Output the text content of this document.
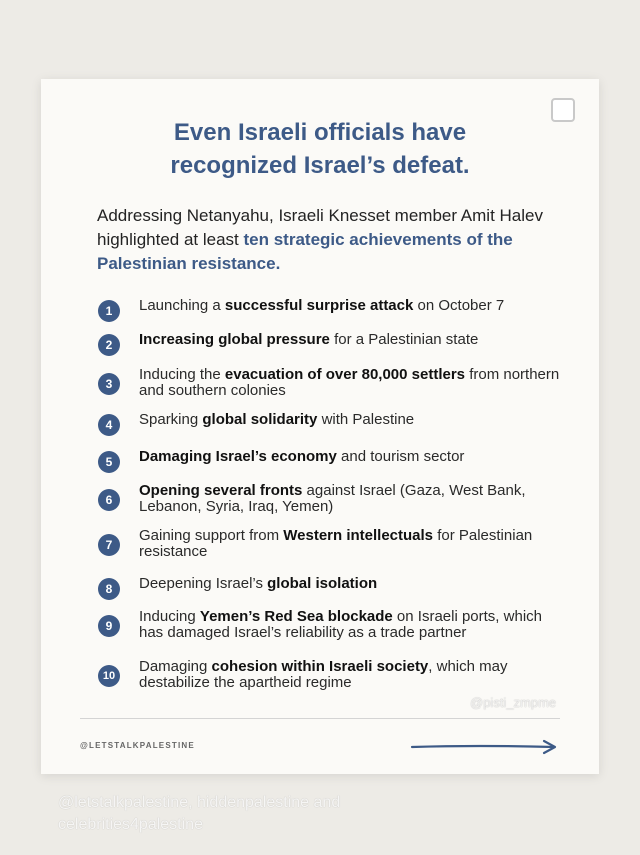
Even Israeli officials have
recognized Israel’s defeat.
Addressing Netanyahu, Israeli Knesset member Amit Halev highlighted at least ten strategic achievements of the Palestinian resistance.
1	Launching a successful surprise attack on October 7
2	Increasing global pressure for a Palestinian state
3
Inducing the evacuation of over 80,000 settlers from northern and southern colonies
4	Sparking global solidarity with Palestine
5	Damaging Israel’s economy and tourism sector
6
Opening several fronts against Israel (Gaza, West Bank, Lebanon, Syria, Iraq, Yemen)
7
Gaining support from Western intellectuals for Palestinian resistance
8	Deepening Israel’s global isolation
9
Inducing Yemen’s Red Sea blockade on Israeli ports, which has damaged Israel’s reliability as a trade partner
10
Damaging cohesion within Israeli society, which may destabilize the apartheid regime
@LETSTALKPALESTINE
@pisti_zmpme
@letstalkpalestine, hiddenpalestine and celebrities4palestine
